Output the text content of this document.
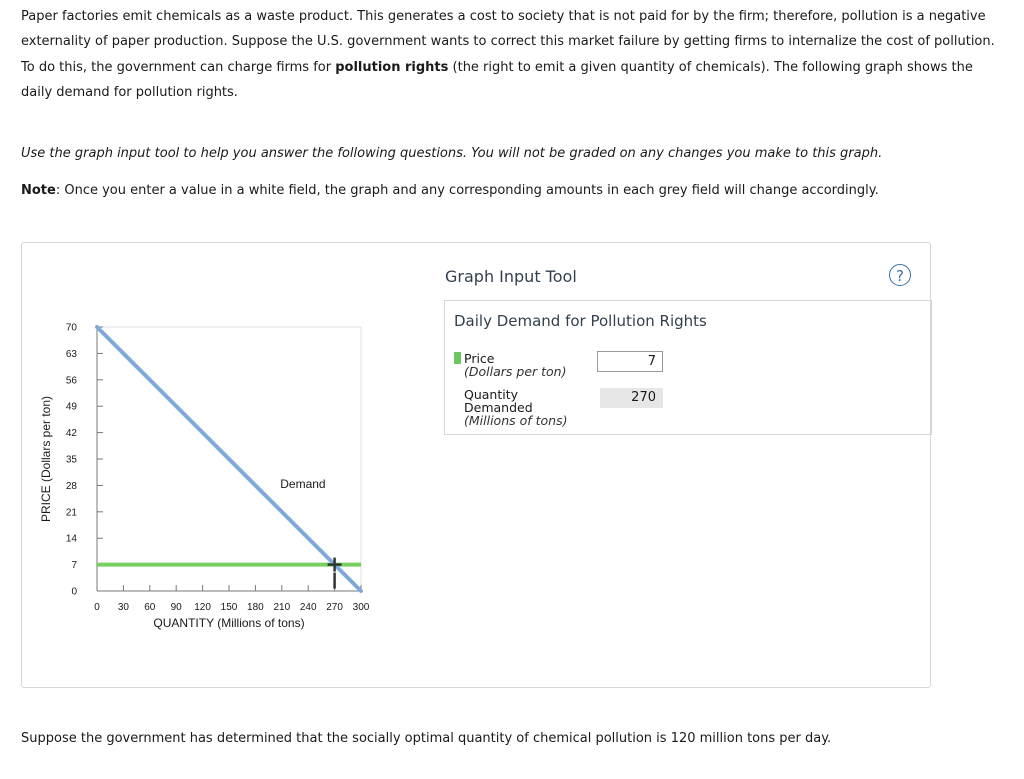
Paper factories emit chemicals as a waste product. This generates a cost to society that is not paid for by the firm; therefore, pollution is a negative externality of paper production. Suppose the U.S. government wants to correct this market failure by getting firms to internalize the cost of pollution. To do this, the government can charge firms for pollution rights (the right to emit a given quantity of chemicals). The following graph shows the daily demand for pollution rights.

Use the graph input tool to help you answer the following questions. You will not be graded on any changes you make to this graph.

Note: Once you enter a value in a white field, the graph and any corresponding amounts in each grey field will change accordingly.

0
7
14
21
28
35
42
49
56
63
70
0 30 60 90 120 150 180 210 240 270 300
QUANTITY (Millions of tons)
PRICE (Dollars per ton)	Demand
Graph Input Tool	?
Daily Demand for Pollution Rights
Price
(Dollars per ton)
7
Quantity
Demanded
(Millions of tons)
270

Suppose the government has determined that the socially optimal quantity of chemical pollution is 120 million tons per day.
